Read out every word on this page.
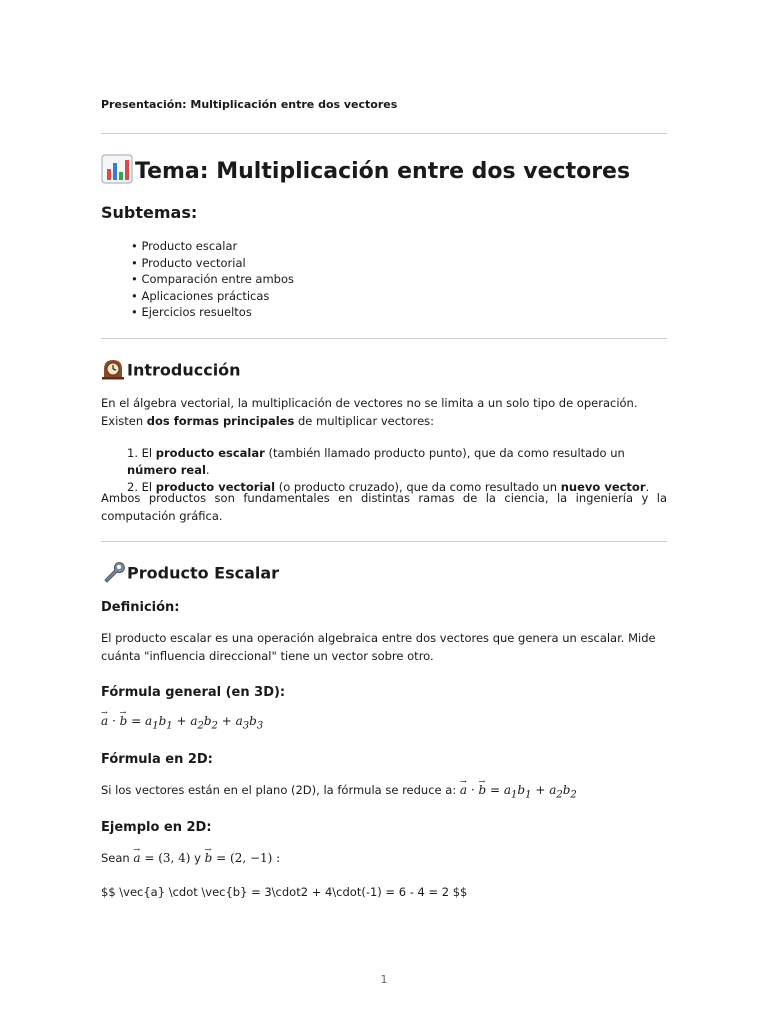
Presentación: Multiplicación entre dos vectores
Tema: Multiplicación entre dos vectores
Subtemas:
• Producto escalar
• Producto vectorial
• Comparación entre ambos
• Aplicaciones prácticas
• Ejercicios resueltos
Introducción

En el álgebra vectorial, la multiplicación de vectores no se limita a un solo tipo de operación. Existen dos formas principales de multiplicar vectores:

1. El producto escalar (también llamado producto punto), que da como resultado un número real.
2. El producto vectorial (o producto cruzado), que da como resultado un nuevo vector.

Ambos productos son fundamentales en distintas ramas de la ciencia, la ingeniería y la computación gráfica.

Producto Escalar
Definición:

El producto escalar es una operación algebraica entre dos vectores que genera un escalar. Mide cuánta "influencia direccional" tiene un vector sobre otro.

Fórmula general (en 3D):
→ a · → $b = a_1b_1 + a_2b_2 + a_3b_3$
Fórmula en 2D:

Si los vectores están en el plano (2D), la fórmula se reduce a: → a · → $b = a_1b_1 + a_2b_2$

Ejemplo en 2D:

Sean → a = (3, 4) y → b = (2, −1) :

$$ \vec{a} \cdot \vec{b} = 3\cdot2 + 4\cdot(-1) = 6 - 4 = 2 $$

1
